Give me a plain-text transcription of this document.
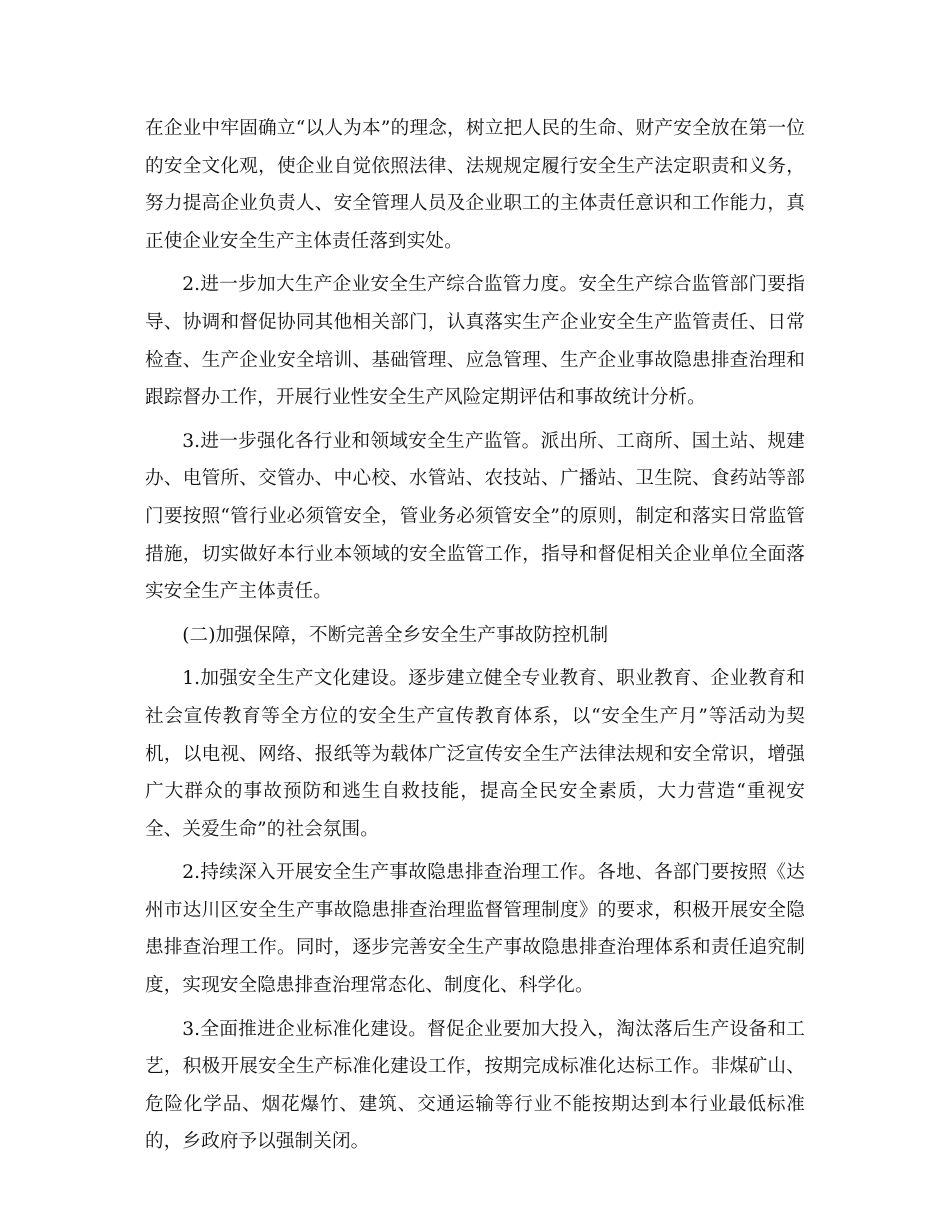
在企业中牢固确立“以人为本”的理念，树立把人民的生命、财产安全放在第一位的安全文化观，使企业自觉依照法律、法规规定履行安全生产法定职责和义务，努力提高企业负责人、安全管理人员及企业职工的主体责任意识和工作能力，真正使企业安全生产主体责任落到实处。

2.进一步加大生产企业安全生产综合监管力度。安全生产综合监管部门要指导、协调和督促协同其他相关部门，认真落实生产企业安全生产监管责任、日常检查、生产企业安全培训、基础管理、应急管理、生产企业事故隐患排查治理和跟踪督办工作，开展行业性安全生产风险定期评估和事故统计分析。

3.进一步强化各行业和领域安全生产监管。派出所、工商所、国土站、规建办、电管所、交管办、中心校、水管站、农技站、广播站、卫生院、食药站等部门要按照“管行业必须管安全，管业务必须管安全”的原则，制定和落实日常监管措施，切实做好本行业本领域的安全监管工作，指导和督促相关企业单位全面落实安全生产主体责任。

(二)加强保障，不断完善全乡安全生产事故防控机制

1.加强安全生产文化建设。逐步建立健全专业教育、职业教育、企业教育和社会宣传教育等全方位的安全生产宣传教育体系，以“安全生产月”等活动为契机，以电视、网络、报纸等为载体广泛宣传安全生产法律法规和安全常识，增强广大群众的事故预防和逃生自救技能，提高全民安全素质，大力营造“重视安全、关爱生命”的社会氛围。

2.持续深入开展安全生产事故隐患排查治理工作。各地、各部门要按照《达州市达川区安全生产事故隐患排查治理监督管理制度》的要求，积极开展安全隐患排查治理工作。同时，逐步完善安全生产事故隐患排查治理体系和责任追究制度，实现安全隐患排查治理常态化、制度化、科学化。

3.全面推进企业标准化建设。督促企业要加大投入，淘汰落后生产设备和工艺，积极开展安全生产标准化建设工作，按期完成标准化达标工作。非煤矿山、危险化学品、烟花爆竹、建筑、交通运输等行业不能按期达到本行业最低标准的，乡政府予以强制关闭。
